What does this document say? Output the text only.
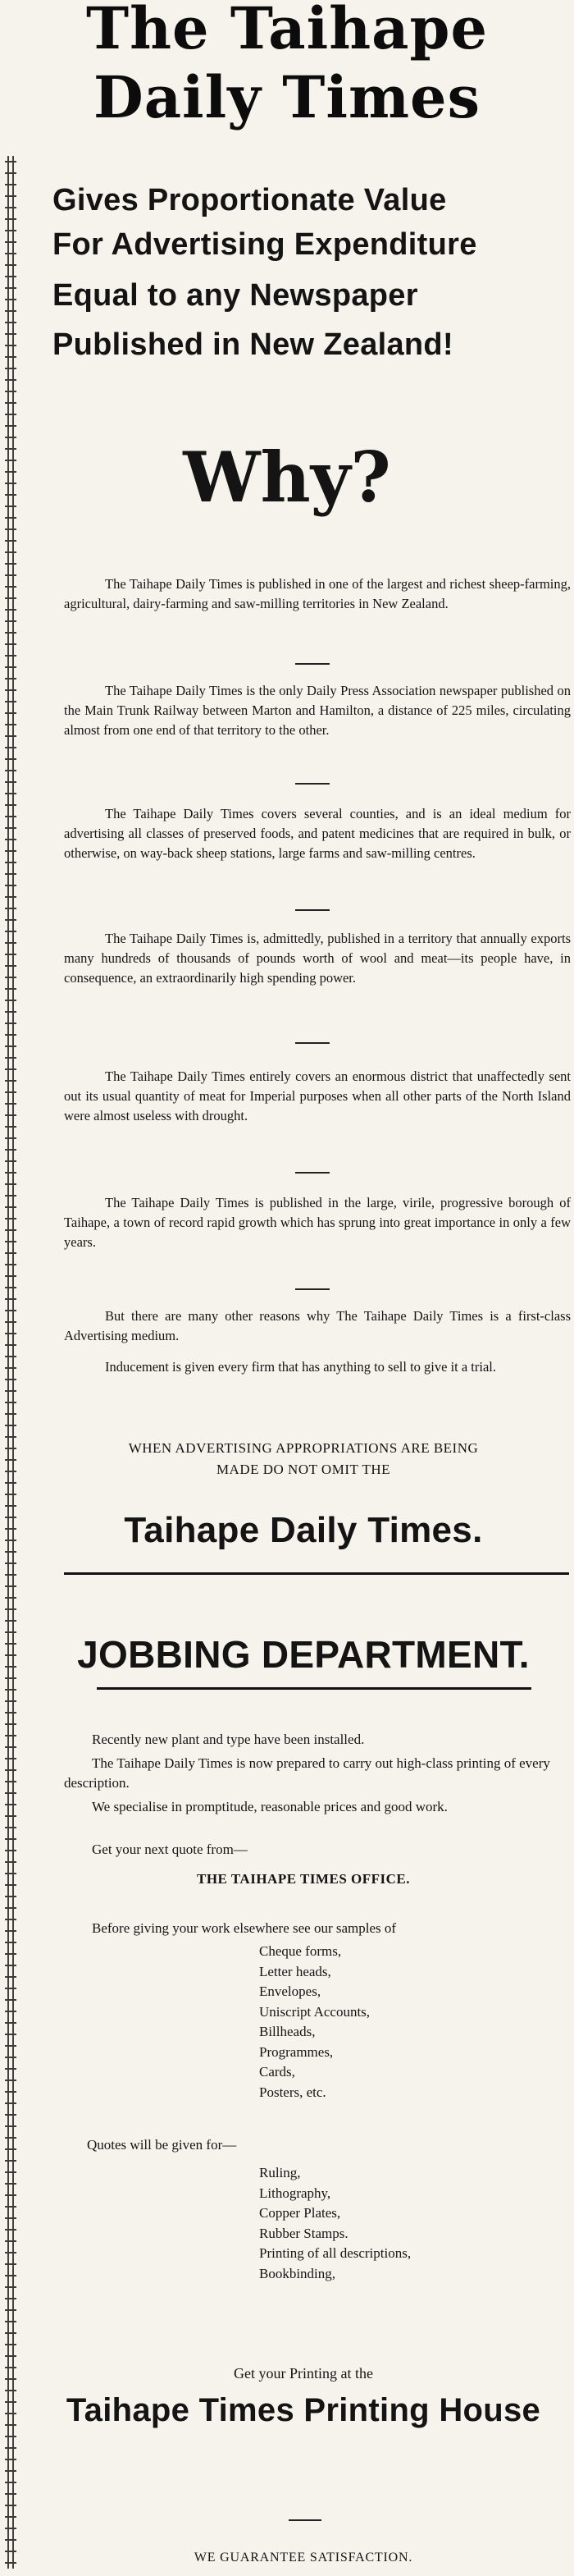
The Taihape
Daily Times
Gives Proportionate Value
For Advertising Expenditure
Equal to any Newspaper
Published in New Zealand!
Why?
The Taihape Daily Times is published in one of the largest and richest sheep-farming, agricultural, dairy-farming and saw-milling territories in New Zealand.
The Taihape Daily Times is the only Daily Press Association newspaper published on the Main Trunk Railway between Marton and Hamilton, a distance of 225 miles, circulating almost from one end of that territory to the other.
The Taihape Daily Times covers several counties, and is an ideal medium for advertising all classes of preserved foods, and patent medicines that are required in bulk, or otherwise, on way-back sheep stations, large farms and saw-milling centres.
The Taihape Daily Times is, admittedly, published in a territory that annually exports many hundreds of thousands of pounds worth of wool and meat—its people have, in consequence, an extraordinarily high spending power.
The Taihape Daily Times entirely covers an enormous district that unaffectedly sent out its usual quantity of meat for Imperial purposes when all other parts of the North Island were almost useless with drought.
The Taihape Daily Times is published in the large, virile, progressive borough of Taihape, a town of record rapid growth which has sprung into great importance in only a few years.
But there are many other reasons why The Taihape Daily Times is a first-class Advertising medium.
Inducement is given every firm that has anything to sell to give it a trial.
WHEN ADVERTISING APPROPRIATIONS ARE BEING
MADE DO NOT OMIT THE
Taihape Daily Times.
JOBBING DEPARTMENT.
Recently new plant and type have been installed.
The Taihape Daily Times is now prepared to carry out high-class printing of every description.
We specialise in promptitude, reasonable prices and good work.
Get your next quote from—
THE TAIHAPE TIMES OFFICE.
Before giving your work elsewhere see our samples of
Cheque forms,
Letter heads,
Envelopes,
Uniscript Accounts,
Billheads,
Programmes,
Cards,
Posters, etc.
Quotes will be given for—
Ruling,
Lithography,
Copper Plates,
Rubber Stamps.
Printing of all descriptions,
Bookbinding,
Get your Printing at the
Taihape Times Printing House
WE GUARANTEE SATISFACTION.
